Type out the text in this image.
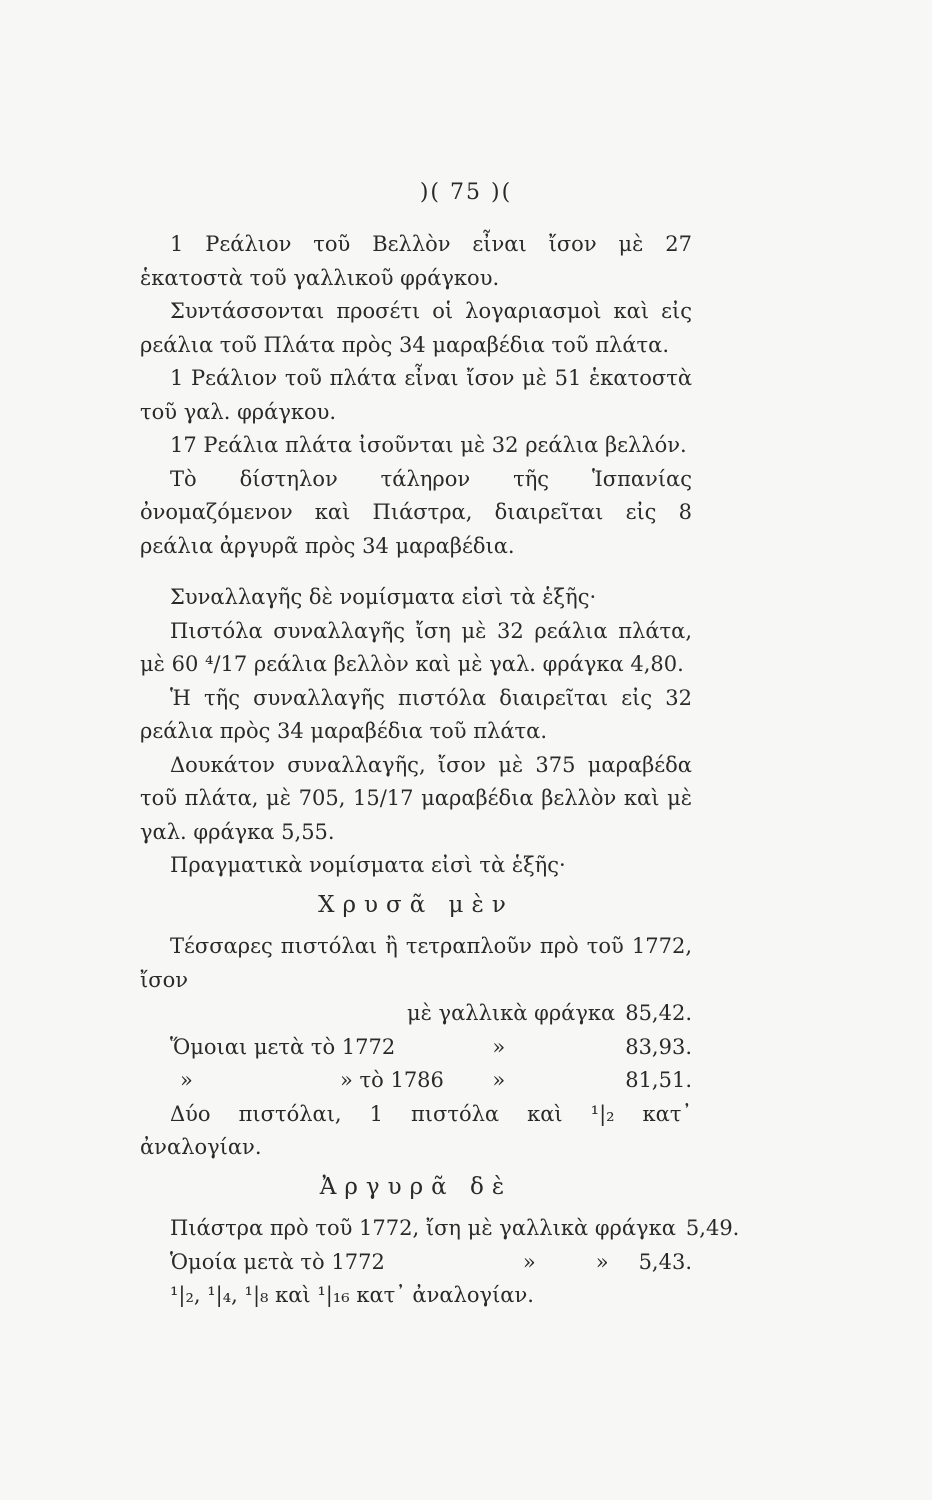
)( 75 )(

1 Ρεάλιον τοῦ Βελλὸν εἶναι ἴσον μὲ 27 ἑκατοστὰ τοῦ γαλλικοῦ φράγκου.

Συντάσσονται προσέτι οἱ λογαριασμοὶ καὶ εἰς ρεάλια τοῦ Πλάτα πρὸς 34 μαραβέδια τοῦ πλάτα.

1 Ρεάλιον τοῦ πλάτα εἶναι ἴσον μὲ 51 ἑκατοστὰ τοῦ γαλ. φράγκου.

17 Ρεάλια πλάτα ἰσοῦνται μὲ 32 ρεάλια βελλόν.

Τὸ δίστηλον τάληρον τῆς Ἱσπανίας ὀνομαζόμενον καὶ Πιάστρα, διαιρεῖται εἰς 8 ρεάλια ἀργυρᾶ πρὸς 34 μαραβέδια.

Συναλλαγῆς δὲ νομίσματα εἰσὶ τὰ ἑξῆς·

Πιστόλα συναλλαγῆς ἴση μὲ 32 ρεάλια πλάτα, μὲ 60 ⁴/17 ρεάλια βελλὸν καὶ μὲ γαλ. φράγκα 4,80.

Ἡ τῆς συναλλαγῆς πιστόλα διαιρεῖται εἰς 32 ρεάλια πρὸς 34 μαραβέδια τοῦ πλάτα.

Δουκάτον συναλλαγῆς, ἴσον μὲ 375 μαραβέδα τοῦ πλάτα, μὲ 705, 15/17 μαραβέδια βελλὸν καὶ μὲ γαλ. φράγκα 5,55.

Πραγματικὰ νομίσματα εἰσὶ τὰ ἑξῆς·

Χρυσᾶ μὲν

Τέσσαρες πιστόλαι ἢ τετραπλοῦν πρὸ τοῦ 1772, ἴσον

μὲ γαλλικὰ φράγκα 85,42.
Ὅμοιαι μετὰ τὸ 1772	»	83,93.
»	» τὸ 1786	»	81,51.

Δύο πιστόλαι, 1 πιστόλα καὶ ¹|₂ κατ᾽ ἀναλογίαν.

Ἀργυρᾶ δὲ
Πιάστρα πρὸ τοῦ 1772, ἴση μὲ γαλλικὰ φράγκα 5,49.
Ὁμοία μετὰ τὸ 1772	»	» 5,43.

¹|₂, ¹|₄, ¹|₈ καὶ ¹|₁₆ κατ᾽ ἀναλογίαν.
